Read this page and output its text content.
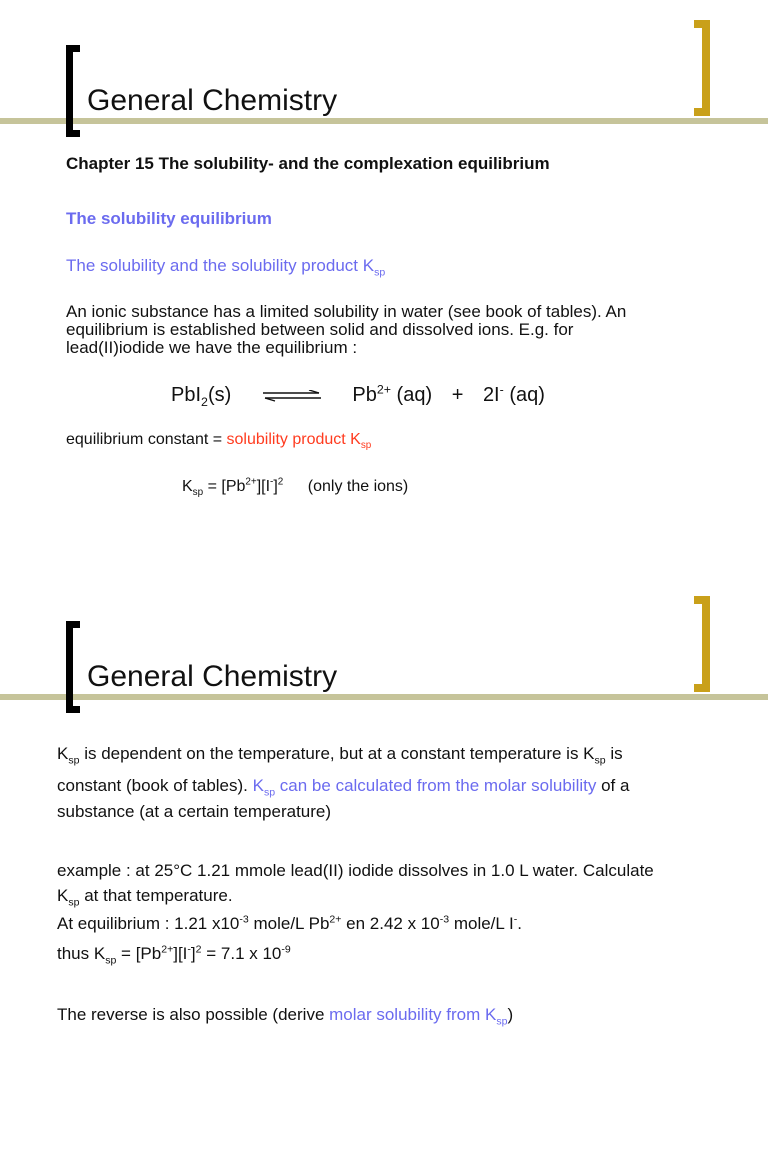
General Chemistry
Chapter 15 The solubility- and the complexation equilibrium
The solubility equilibrium
The solubility and the solubility product $K_{sp}$
An ionic substance has a limited solubility in water (see book of tables). An
equilibrium is established between solid and dissolved ions. E.g. for
lead(II)iodide we have the equilibrium :
PbI$_2$(s) ⇌ $Pb^{2+}$ (aq) + 2I- (aq)
equilibrium constant = solubility product $K_{sp}$
$K_{sp} = [Pb^{2+}][I^-]^2$ (only the ions)
General Chemistry
$K_{sp}$ is dependent on the temperature, but at a constant temperature is $K_{sp}$ is
constant (book of tables). $K_{sp}$ can be calculated from the molar solubility of a
substance (at a certain temperature)
example : at 25°C 1.21 mmole lead(II) iodide dissolves in 1.0 L water. Calculate
$K_{sp}$ at that temperature.
At equilibrium : 1.21 $x10^{-3}$ mole/L $Pb^{2+}$ en 2.42 x $10^{-3}$ mole/L I-.
thus $K_{sp} = [Pb^{2+}][I^-]^2 = 7.1$ x $10^{-9}$
The reverse is also possible (derive molar solubility from $K_{sp}$)
